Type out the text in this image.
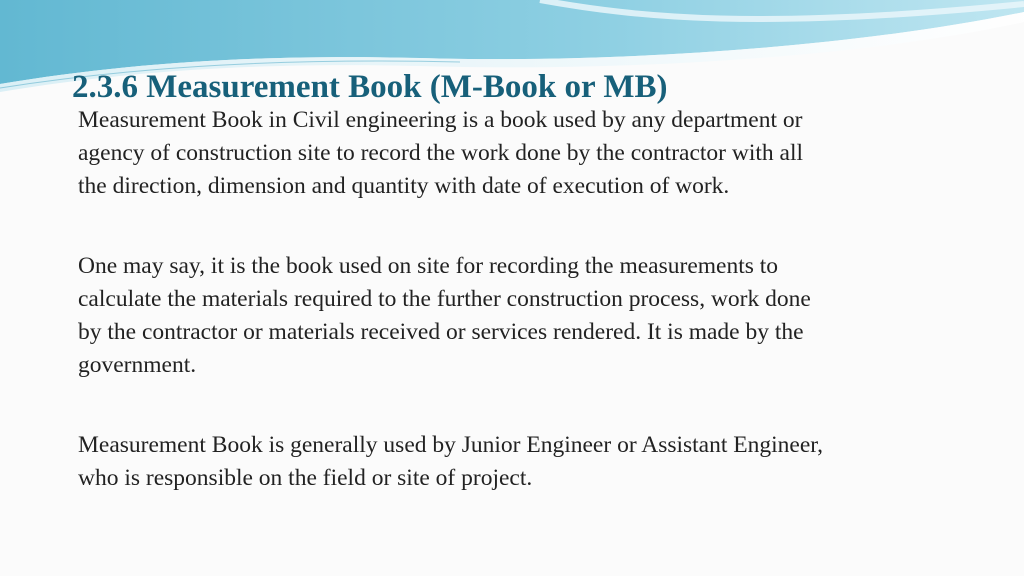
2.3.6 Measurement Book (M-Book or MB)

Measurement Book in Civil engineering is a book used by any department or
agency of construction site to record the work done by the contractor with all
the direction, dimension and quantity with date of execution of work.

One may say, it is the book used on site for recording the measurements to
calculate the materials required to the further construction process, work done
by the contractor or materials received or services rendered. It is made by the
government.

Measurement Book is generally used by Junior Engineer or Assistant Engineer,
who is responsible on the field or site of project.
